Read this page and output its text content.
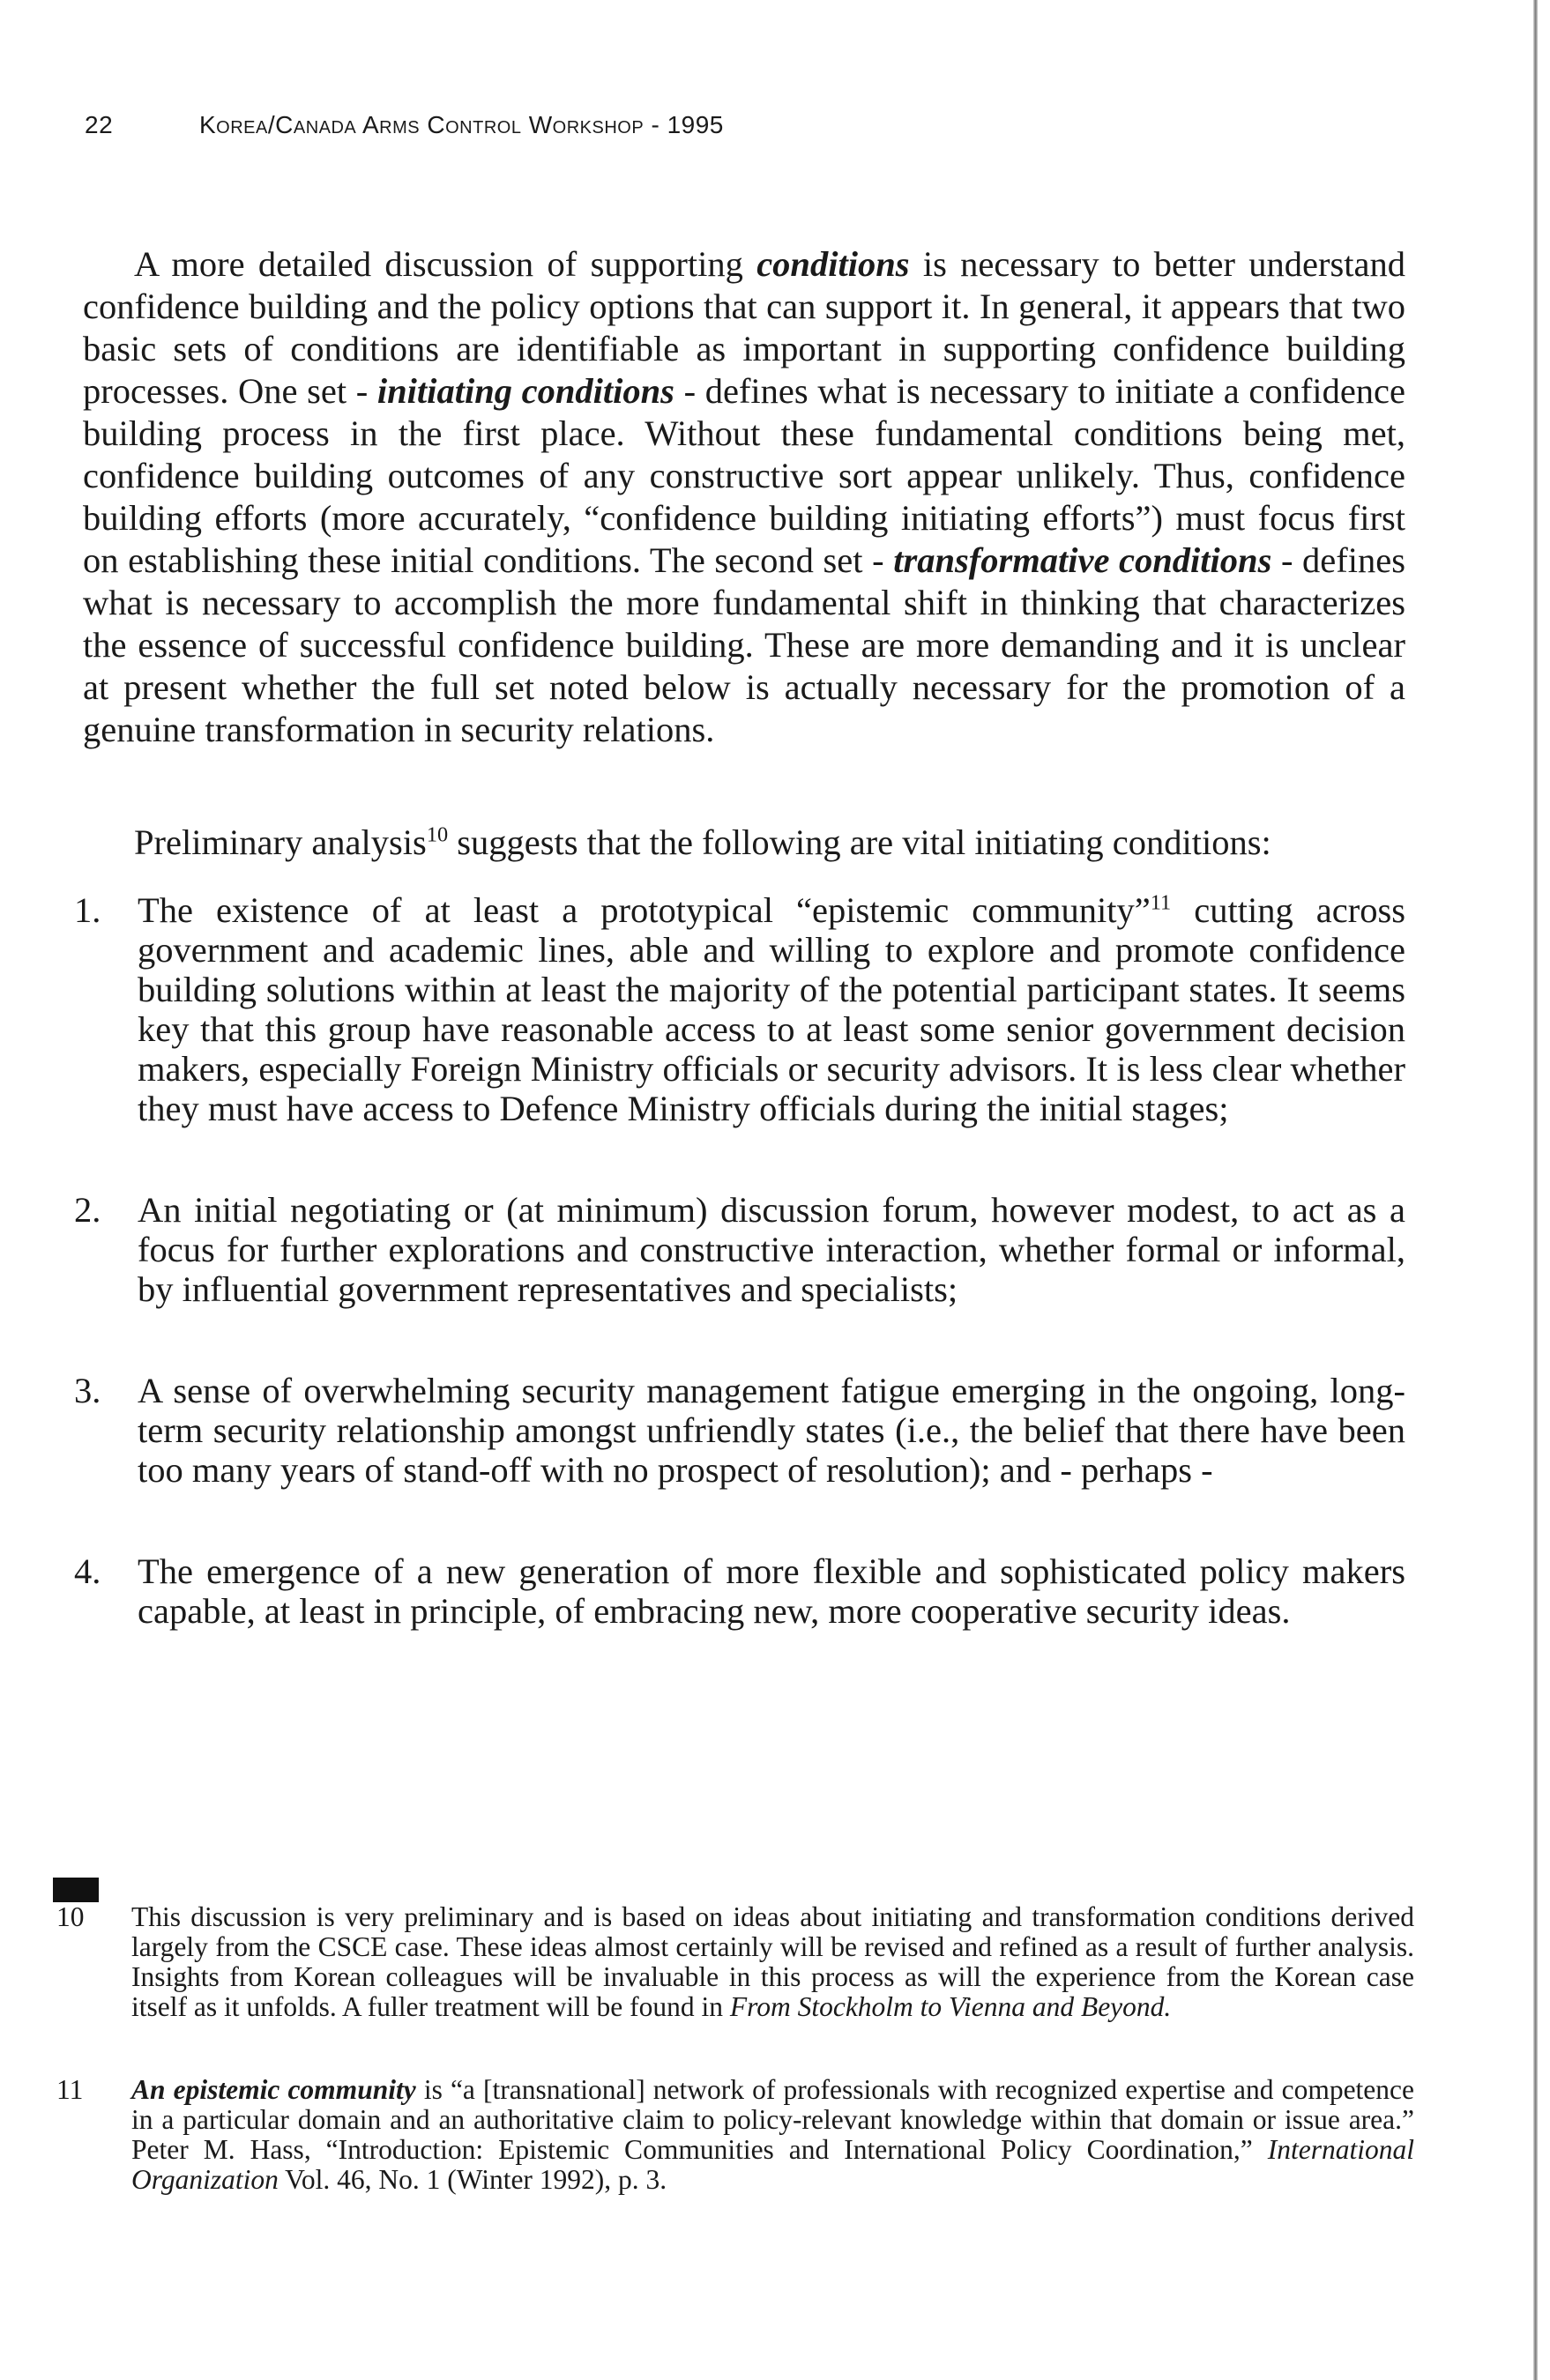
22	Korea/Canada Arms Control Workshop - 1995

A more detailed discussion of supporting conditions is necessary to better understand confidence building and the policy options that can support it. In general, it appears that two basic sets of conditions are identifiable as important in supporting confidence building processes. One set - initiating conditions - defines what is necessary to initiate a confidence building process in the first place. Without these fundamental conditions being met, confidence building outcomes of any constructive sort appear unlikely. Thus, confidence building efforts (more accurately, “confidence building initiating efforts”) must focus first on establishing these initial conditions. The second set - transformative conditions - defines what is necessary to accomplish the more fundamental shift in thinking that characterizes the essence of successful confidence building. These are more demanding and it is unclear at present whether the full set noted below is actually necessary for the promotion of a genuine transformation in security relations.

Preliminary analysis$^{10}$ suggests that the following are vital initiating conditions:
1.	The existence of at least a prototypical “epistemic community”$^{11}$ cutting across government and academic lines, able and willing to explore and promote confidence building solutions within at least the majority of the potential participant states. It seems key that this group have reasonable access to at least some senior government decision makers, especially Foreign Ministry officials or security advisors. It is less clear whether they must have access to Defence Ministry officials during the initial stages;
2.	An initial negotiating or (at minimum) discussion forum, however modest, to act as a focus for further explorations and constructive interaction, whether formal or informal, by influential government representatives and specialists;
3.	A sense of overwhelming security management fatigue emerging in the ongoing, long-term security relationship amongst unfriendly states (i.e., the belief that there have been too many years of stand-off with no prospect of resolution); and - perhaps -
4.	The emergence of a new generation of more flexible and sophisticated policy makers capable, at least in principle, of embracing new, more cooperative security ideas.
10	This discussion is very preliminary and is based on ideas about initiating and transformation conditions derived largely from the CSCE case. These ideas almost certainly will be revised and refined as a result of further analysis. Insights from Korean colleagues will be invaluable in this process as will the experience from the Korean case itself as it unfolds. A fuller treatment will be found in From Stockholm to Vienna and Beyond.
11	An epistemic community is “a [transnational] network of professionals with recognized expertise and competence in a particular domain and an authoritative claim to policy-relevant knowledge within that domain or issue area.” Peter M. Hass, “Introduction: Epistemic Communities and International Policy Coordination,” International Organization Vol. 46, No. 1 (Winter 1992), p. 3.
